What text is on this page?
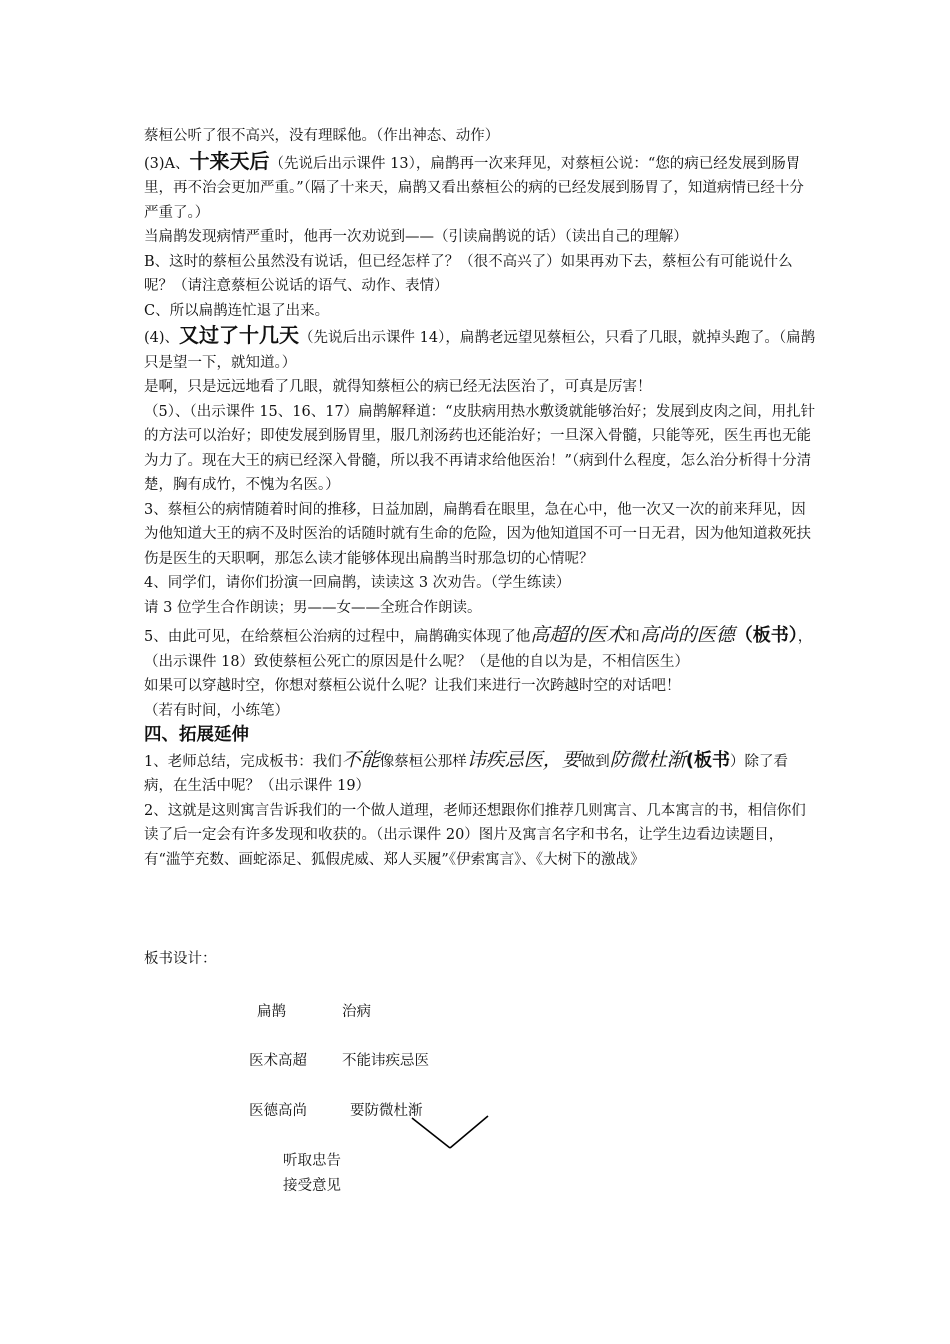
蔡桓公听了很不高兴，没有理睬他。（作出神态、动作）

(3)A、十来天后（先说后出示课件 13），扁鹊再一次来拜见，对蔡桓公说：“您的病已经发展到肠胃里，再不治会更加严重。”（隔了十来天，扁鹊又看出蔡桓公的病的已经发展到肠胃了，知道病情已经十分严重了。）

当扁鹊发现病情严重时，他再一次劝说到——（引读扁鹊说的话）（读出自己的理解）

B、这时的蔡桓公虽然没有说话，但已经怎样了？（很不高兴了）如果再劝下去，蔡桓公有可能说什么呢？（请注意蔡桓公说话的语气、动作、表情）

C、所以扁鹊连忙退了出来。

(4)、又过了十几天（先说后出示课件 14），扁鹊老远望见蔡桓公，只看了几眼，就掉头跑了。（扁鹊只是望一下，就知道。）

是啊，只是远远地看了几眼，就得知蔡桓公的病已经无法医治了，可真是厉害！

（5）、（出示课件 15、16、17）扁鹊解释道：“皮肤病用热水敷烫就能够治好；发展到皮肉之间，用扎针的方法可以治好；即使发展到肠胃里，服几剂汤药也还能治好；一旦深入骨髓，只能等死，医生再也无能为力了。现在大王的病已经深入骨髓，所以我不再请求给他医治！”（病到什么程度，怎么治分析得十分清楚，胸有成竹，不愧为名医。）

3、蔡桓公的病情随着时间的推移，日益加剧，扁鹊看在眼里，急在心中，他一次又一次的前来拜见，因为他知道大王的病不及时医治的话随时就有生命的危险，因为他知道国不可一日无君，因为他知道救死扶伤是医生的天职啊，那怎么读才能够体现出扁鹊当时那急切的心情呢？

4、同学们，请你们扮演一回扁鹊，读读这 3 次劝告。（学生练读）

请 3 位学生合作朗读；男——女——全班合作朗读。

5、由此可见，在给蔡桓公治病的过程中，扁鹊确实体现了他高超的医术和高尚的医德（板书），（出示课件 18）致使蔡桓公死亡的原因是什么呢？（是他的自以为是，不相信医生）

如果可以穿越时空，你想对蔡桓公说什么呢？让我们来进行一次跨越时空的对话吧！

（若有时间，小练笔）

四、拓展延伸

1、老师总结，完成板书：我们不能像蔡桓公那样讳疾忌医，要做到防微杜渐(板书）除了看病，在生活中呢？（出示课件 19）

2、这就是这则寓言告诉我们的一个做人道理，老师还想跟你们推荐几则寓言、几本寓言的书，相信你们读了后一定会有许多发现和收获的。（出示课件 20）图片及寓言名字和书名，让学生边看边读题目，有“滥竽充数、画蛇添足、狐假虎威、郑人买履”《伊索寓言》、《大树下的激战》

板书设计：
扁鹊	治病
医术高超 不能讳疾忌医
医德高尚	要防微杜渐
听取忠告
接受意见
